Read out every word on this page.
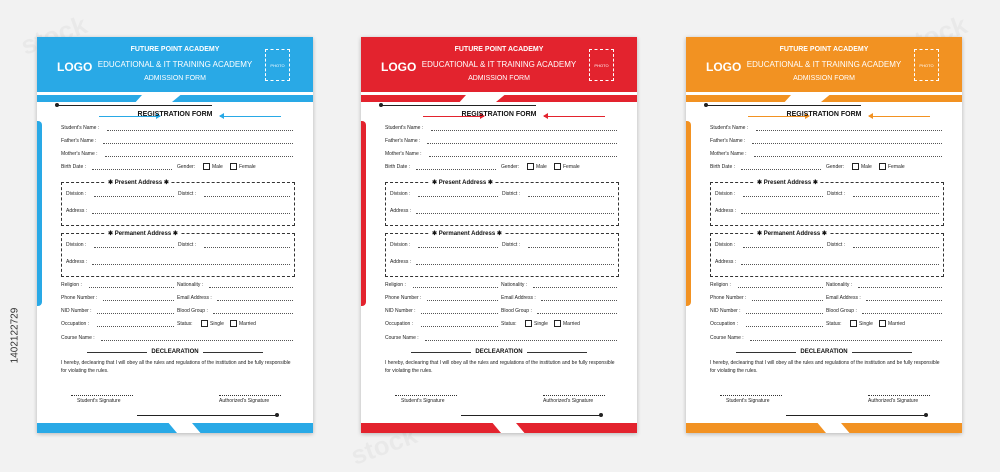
1402122729
LOGO
FUTURE POINT ACADEMY
EDUCATIONAL & IT TRAINING ACADEMY
ADMISSION FORM
PHOTO
REGISTRATION FORM
Student's Name :
Father's Name :
Mother's Name :
Birth Date :	Gender:	Male	Female
✱ Present Address ✱
Division :	District :
Address :
✱ Permanent Address ✱
Division :	District :
Address :
Religion :	Nationality :
Phone Number :	Email Address :
NID Number :	Blood Group :
Occupation :	Status:	Single	Married
Course Name :
DECLEARATION
I hereby, declearing that I will obey all the rules and regulations of the institution and be fully responsible for violating the rules.
Student's Signature	Authorized's Signature
LOGO
FUTURE POINT ACADEMY
EDUCATIONAL & IT TRAINING ACADEMY
ADMISSION FORM
PHOTO
REGISTRATION FORM
Student's Name :
Father's Name :
Mother's Name :
Birth Date :	Gender:	Male	Female
✱ Present Address ✱
Division :	District :
Address :
✱ Permanent Address ✱
Division :	District :
Address :
Religion :	Nationality :
Phone Number :	Email Address :
NID Number :	Blood Group :
Occupation :	Status:	Single	Married
Course Name :
DECLEARATION
I hereby, declearing that I will obey all the rules and regulations of the institution and be fully responsible for violating the rules.
Student's Signature	Authorized's Signature
LOGO
FUTURE POINT ACADEMY
EDUCATIONAL & IT TRAINING ACADEMY
ADMISSION FORM
PHOTO
REGISTRATION FORM
Student's Name :
Father's Name :
Mother's Name :
Birth Date :	Gender:	Male	Female
✱ Present Address ✱
Division :	District :
Address :
✱ Permanent Address ✱
Division :	District :
Address :
Religion :	Nationality :
Phone Number :	Email Address :
NID Number :	Blood Group :
Occupation :	Status:	Single	Married
Course Name :
DECLEARATION
I hereby, declearing that I will obey all the rules and regulations of the institution and be fully responsible for violating the rules.
Student's Signature	Authorized's Signature
